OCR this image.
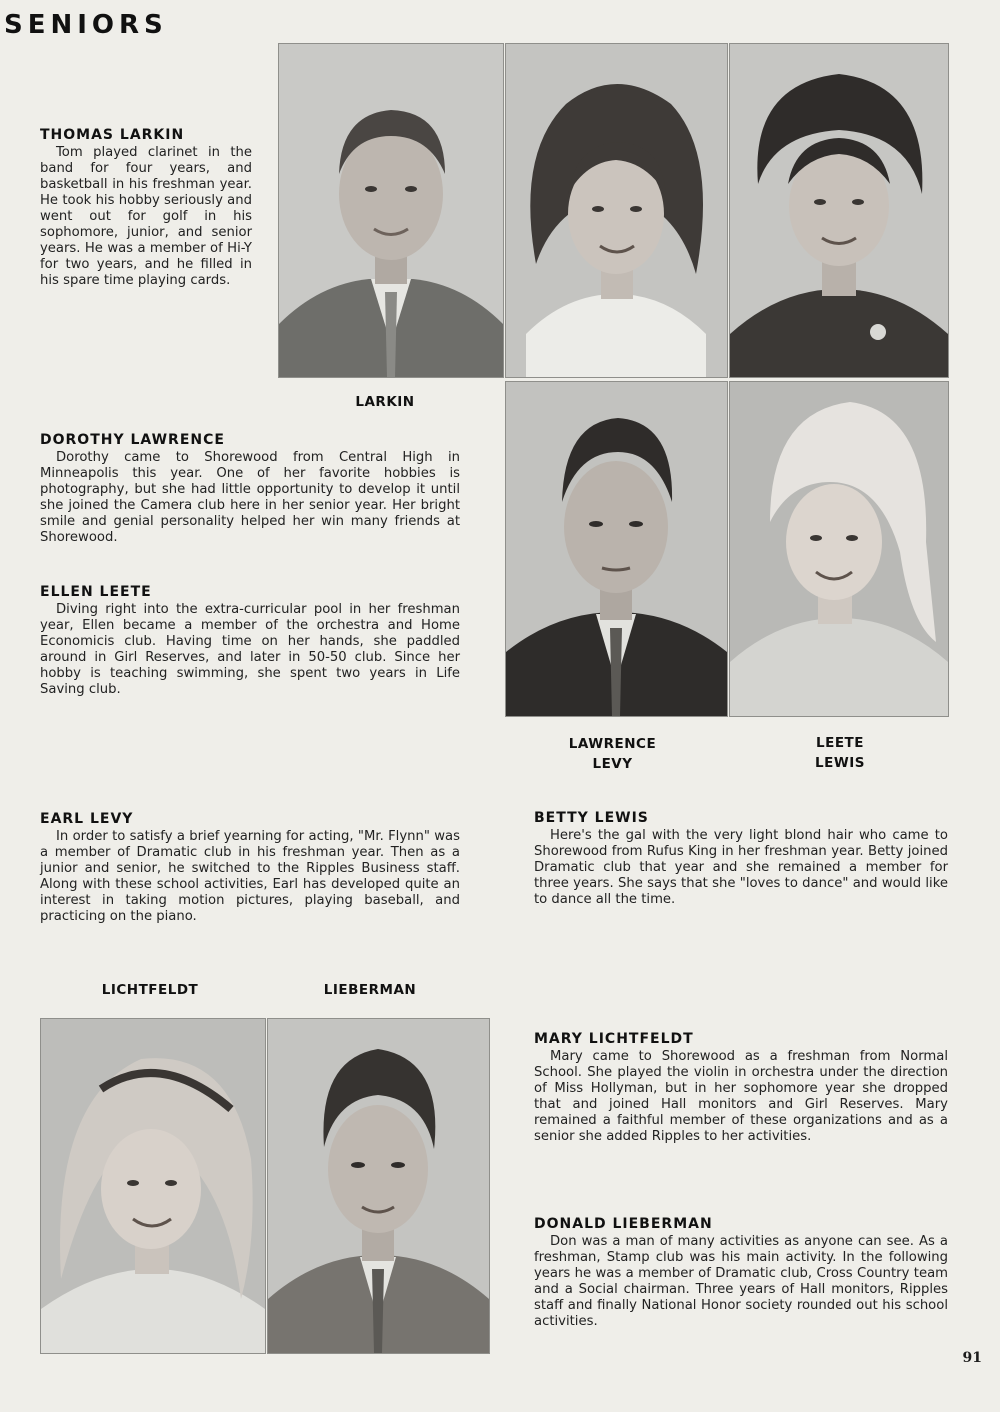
SENIORS

THOMAS LARKIN

Tom played clarinet in the band for four years, and basketball in his freshman year. He took his hobby seriously and went out for golf in his sophomore, junior, and senior years. He was a member of Hi-Y for two years, and he filled in his spare time playing cards.

DOROTHY LAWRENCE

Dorothy came to Shorewood from Central High in Minneapolis this year. One of her favorite hobbies is photography, but she had little opportunity to develop it until she joined the Camera club here in her senior year. Her bright smile and genial personality helped her win many friends at Shorewood.

ELLEN LEETE

Diving right into the extra-curricular pool in her freshman year, Ellen became a member of the orchestra and Home Economicis club. Having time on her hands, she paddled around in Girl Reserves, and later in 50-50 club. Since her hobby is teaching swimming, she spent two years in Life Saving club.

EARL LEVY

In order to satisfy a brief yearning for acting, "Mr. Flynn" was a member of Dramatic club in his freshman year. Then as a junior and senior, he switched to the Ripples Business staff. Along with these school activities, Earl has developed quite an interest in taking motion pictures, playing baseball, and practicing on the piano.

BETTY LEWIS

Here's the gal with the very light blond hair who came to Shorewood from Rufus King in her freshman year. Betty joined Dramatic club that year and she remained a member for three years. She says that she "loves to dance" and would like to dance all the time.

MARY LICHTFELDT

Mary came to Shorewood as a freshman from Normal School. She played the violin in orchestra under the direction of Miss Hollyman, but in her sophomore year she dropped that and joined Hall monitors and Girl Reserves. Mary remained a faithful member of these organizations and as a senior she added Ripples to her activities.

DONALD LIEBERMAN

Don was a man of many activities as anyone can see. As a freshman, Stamp club was his main activity. In the following years he was a member of Dramatic club, Cross Country team and a Social chairman. Three years of Hall monitors, Ripples staff and finally National Honor society rounded out his school activities.

LARKIN
LAWRENCE
LEVY
LEETE
LEWIS
LICHTFELDT	LIEBERMAN
91
